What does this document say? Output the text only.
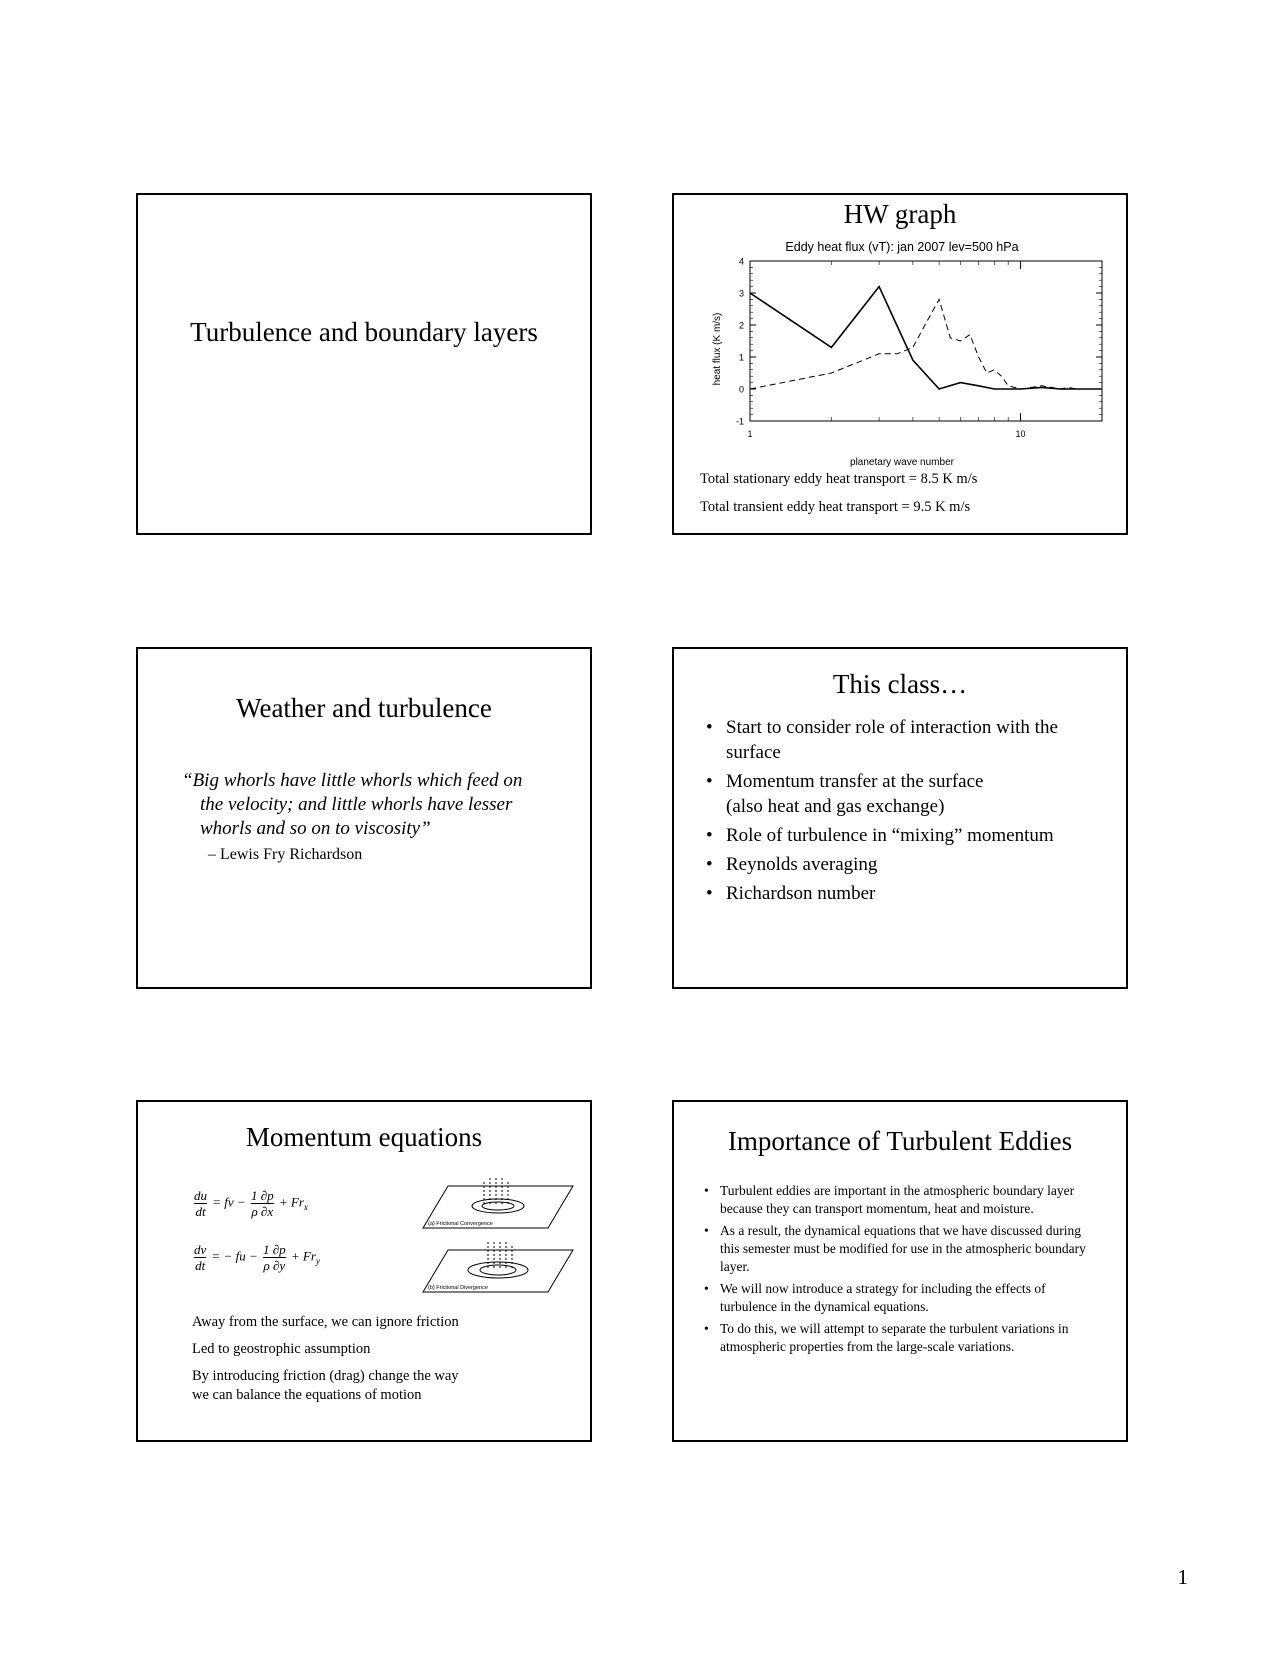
Turbulence and boundary layers
HW graph
4
3
2
1
0
-1
1	10
Eddy heat flux (vT): jan 2007 lev=500 hPa
planetary wave number
heat flux (K m/s)
Total stationary eddy heat transport = 8.5 K m/s
Total transient eddy heat transport = 9.5 K m/s
Weather and turbulence
“Big whorls have little whorls which feed on
the velocity; and little whorls have lesser
whorls and so on to viscosity”
– Lewis Fry Richardson
This class…
• Start to consider role of interaction with the surface
• Momentum transfer at the surface
(also heat and gas exchange)
• Role of turbulence in “mixing” momentum
• Reynolds averaging
• Richardson number
Momentum equations
$\frac{du}{dt}$ = fv − $\frac{1 \partial p}{\rho \partial x} + Fr_x$
$\frac{dv}{dt}$ = − fu − $\frac{1 \partial p}{\rho \partial y} + Fr_y$
(a) Frictional Convergence
(b) Frictional Divergence
Away from the surface, we can ignore friction
Led to geostrophic assumption
By introducing friction (drag) change the way
we can balance the equations of motion
Importance of Turbulent Eddies
• Turbulent eddies are important in the atmospheric boundary layer because they can transport momentum, heat and moisture.
• As a result, the dynamical equations that we have discussed during this semester must be modified for use in the atmospheric boundary layer.
• We will now introduce a strategy for including the effects of turbulence in the dynamical equations.
• To do this, we will attempt to separate the turbulent variations in atmospheric properties from the large-scale variations.
1
